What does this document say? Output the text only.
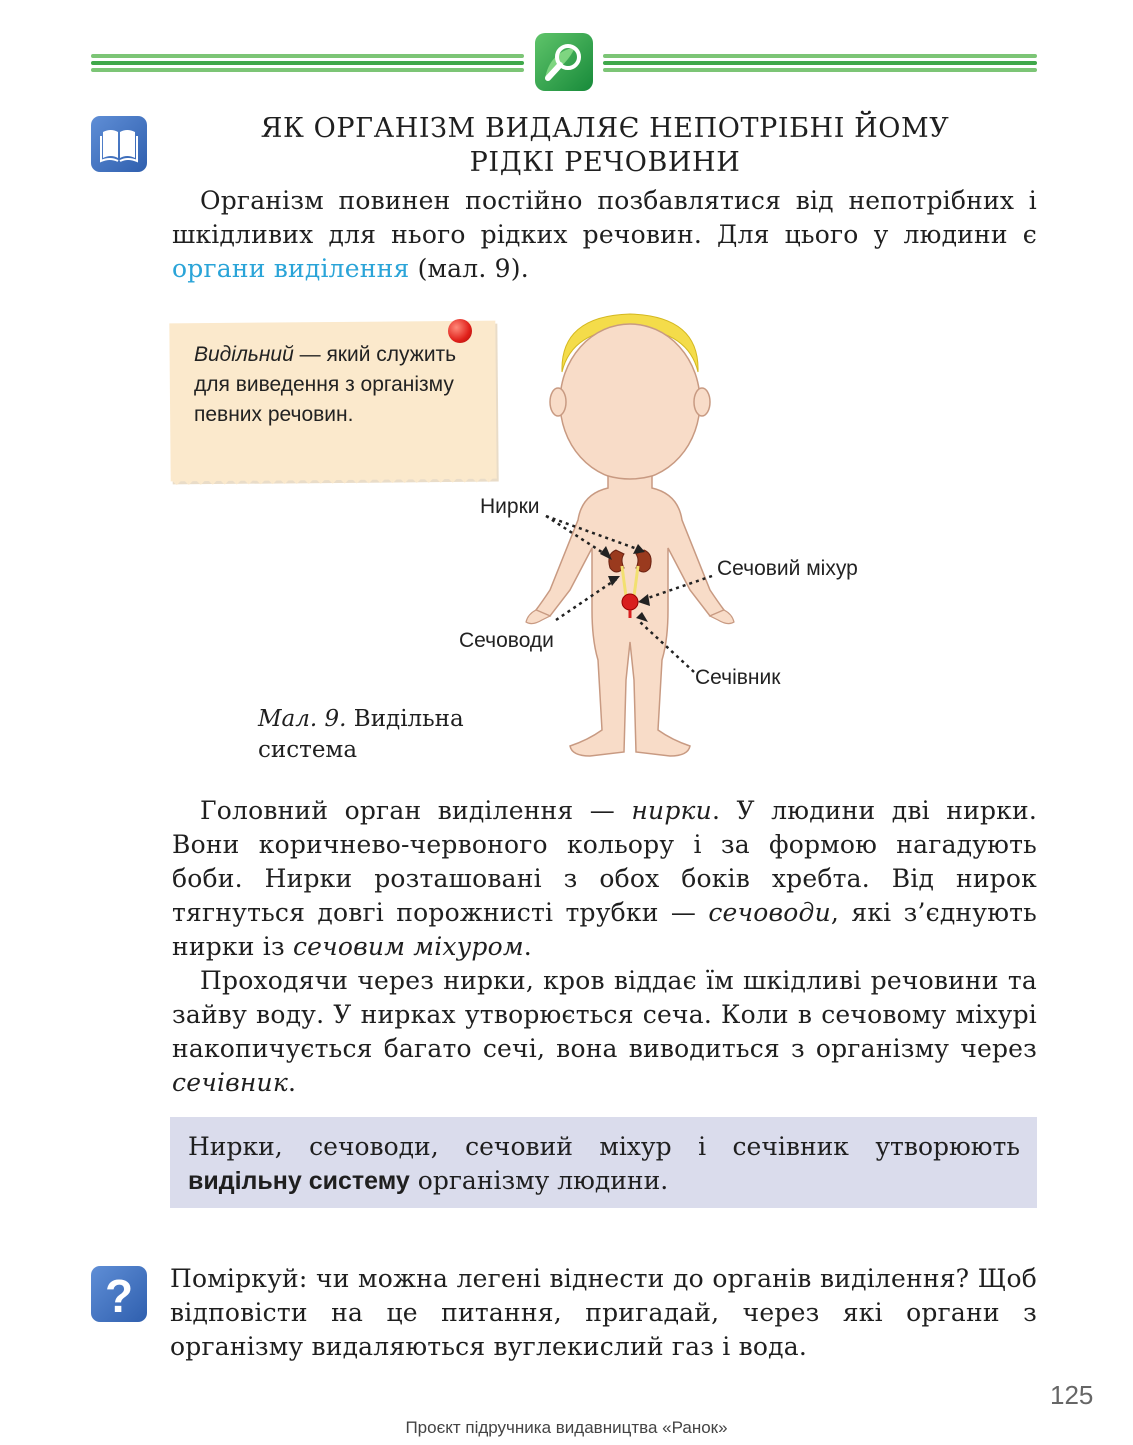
ЯК ОРГАНІЗМ ВИДАЛЯЄ НЕПОТРІБНІ ЙОМУ
РІДКІ РЕЧОВИНИ
Організм повинен постійно позбавлятися від непотрібних і шкідливих для нього рідких речовин. Для цього у людини є органи виділення (мал. 9).
Видільний — який служить для виведення з організму певних речовин.
Нирки
Сечовий міхур
Сечоводи
Сечівник
Мал. 9. Видільна
система
Головний орган виділення — нирки. У людини дві нирки. Вони коричнево-червоного кольору і за формою нагадують боби. Нирки розташовані з обох боків хребта. Від нирок тягнуться довгі порожнисті трубки — сечоводи, які з’єднують нирки із сечовим міхуром.
Проходячи через нирки, кров віддає їм шкідливі речовини та зайву воду. У нирках утворюється сеча. Коли в сечовому міхурі накопичується багато сечі, вона виводиться з організму через сечівник.
Нирки, сечоводи, сечовий міхур і сечівник утворюють видільну систему організму людини.
? Поміркуй: чи можна легені віднести до органів виділення? Щоб відповісти на це питання, пригадай, через які органи з організму видаляються вуглекислий газ і вода.
125
Проєкт підручника видавництва «Ранок»
